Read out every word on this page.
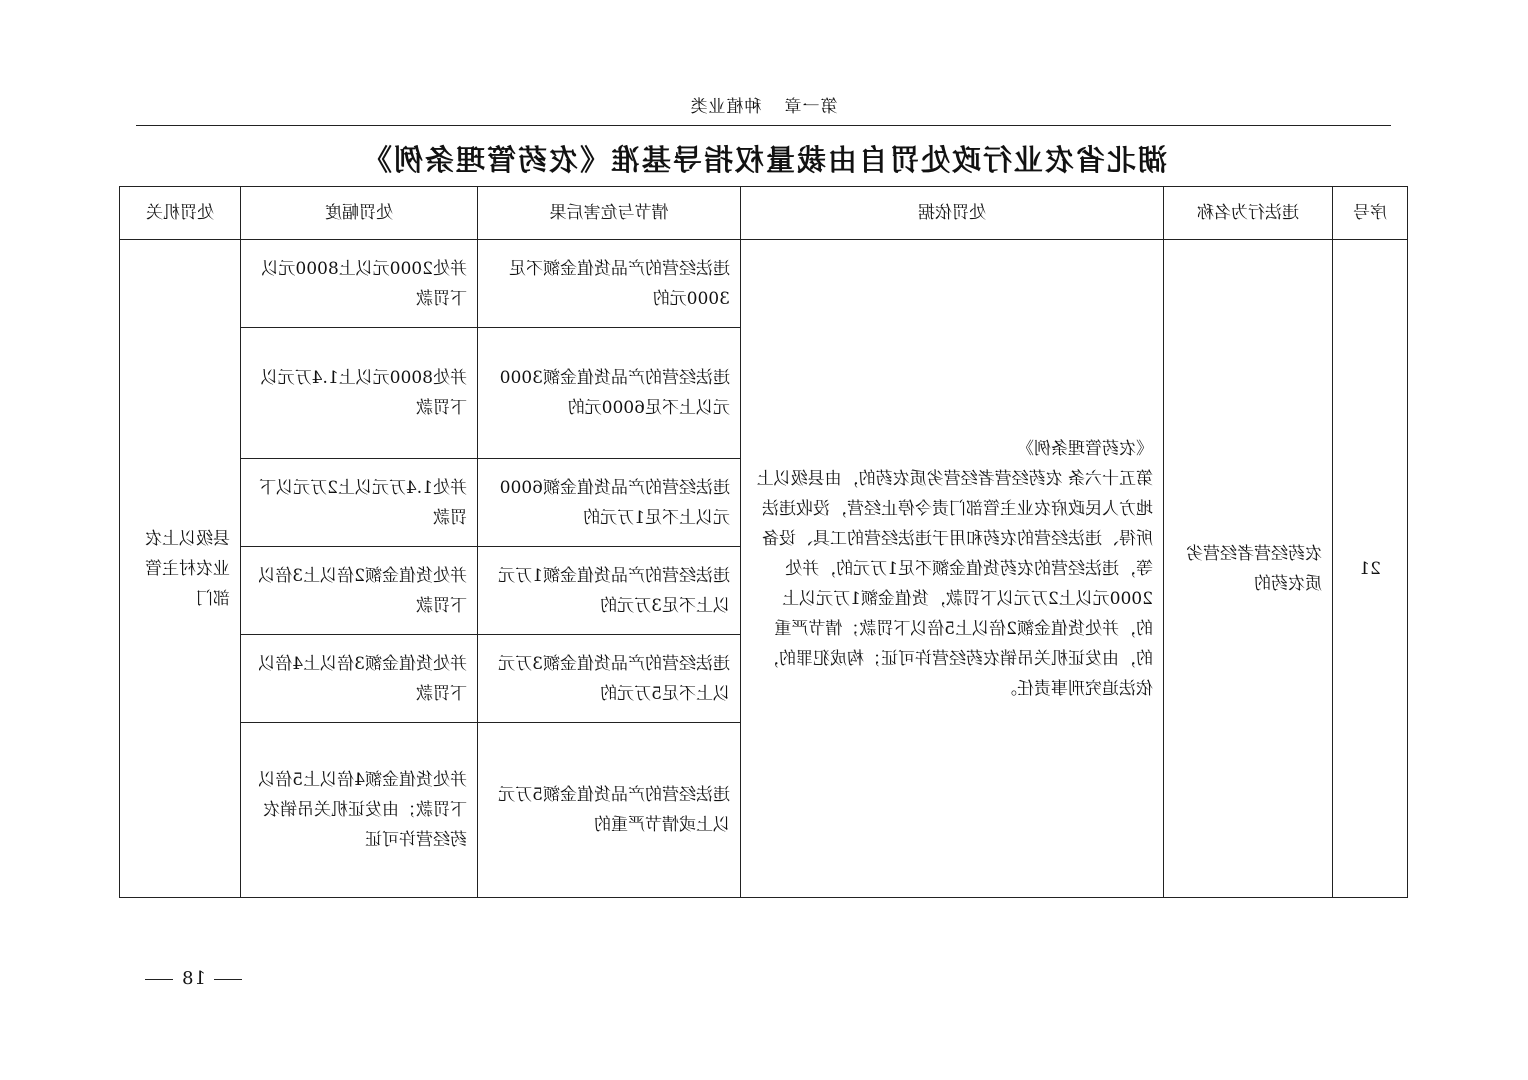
第一章种植业类
湖北省农业行政处罚自由裁量权指导基准《农药管理条例》
序号	违法行为名称	处罚依据	情节与危害后果	处罚幅度	处罚机关
21	农药经营者经营劣质农药的	《农药管理条例》
第五十六条 农药经营者经营劣质农药的，由县级以上地方人民政府农业主管部门责令停止经营，没收违法所得、违法经营的农药和用于违法经营的工具、设备等，违法经营的农药货值金额不足1万元的，并处2000元以上2万元以下罚款，货值金额1万元以上的，并处货值金额2倍以上5倍以下罚款；情节严重的，由发证机关吊销农药经营许可证；构成犯罪的，依法追究刑事责任。	违法经营的产品货值金额不足3000元的	并处2000元以上8000元以下罚款	县级以上农业农村主管部门
			违法经营的产品货值金额3000元以上不足6000元的	并处8000元以上1.4万元以下罚款	
			违法经营的产品货值金额6000元以上不足1万元的	并处1.4万元以上2万元以下罚款	
			违法经营的产品货值金额1万元以上不足3万元的	并处货值金额2倍以上3倍以下罚款	
			违法经营的产品货值金额3万元以上不足5万元的	并处货值金额3倍以上4倍以下罚款	
			违法经营的产品货值金额5万元以上或情节严重的	并处货值金额4倍以上5倍以下罚款；由发证机关吊销农药经营许可证	
18
